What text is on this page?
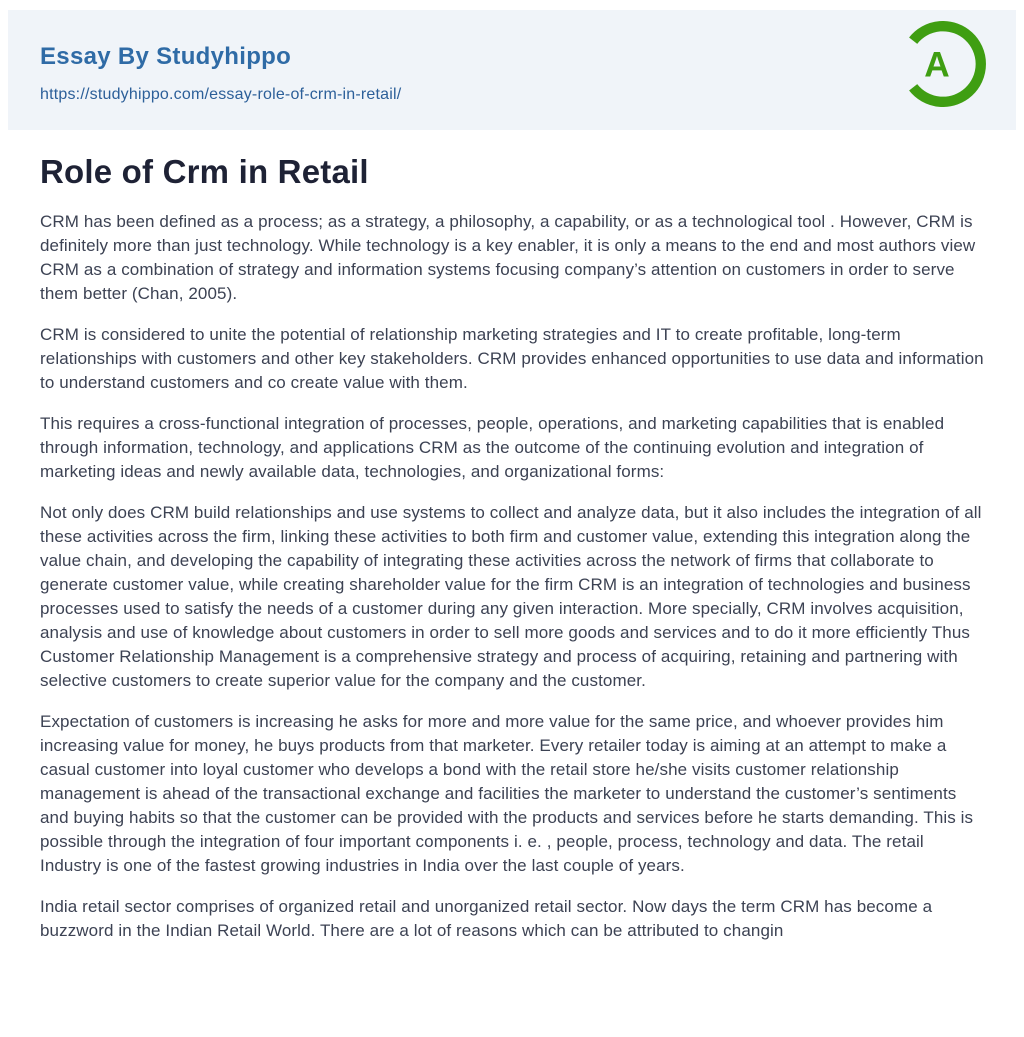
Essay By Studyhippo
https://studyhippo.com/essay-role-of-crm-in-retail/
A
Role of Crm in Retail

CRM has been defined as a process; as a strategy, a philosophy, a capability, or as a technological tool . However, CRM is definitely more than just technology. While technology is a key enabler, it is only a means to the end and most authors view CRM as a combination of strategy and information systems focusing company’s attention on customers in order to serve them better (Chan, 2005).

CRM is considered to unite the potential of relationship marketing strategies and IT to create profitable, long-term relationships with customers and other key stakeholders. CRM provides enhanced opportunities to use data and information to understand customers and co create value with them.

This requires a cross-functional integration of processes, people, operations, and marketing capabilities that is enabled through information, technology, and applications CRM as the outcome of the continuing evolution and integration of marketing ideas and newly available data, technologies, and organizational forms:

Not only does CRM build relationships and use systems to collect and analyze data, but it also includes the integration of all these activities across the firm, linking these activities to both firm and customer value, extending this integration along the value chain, and developing the capability of integrating these activities across the network of firms that collaborate to generate customer value, while creating shareholder value for the firm CRM is an integration of technologies and business processes used to satisfy the needs of a customer during any given interaction. More specially, CRM involves acquisition, analysis and use of knowledge about customers in order to sell more goods and services and to do it more efficiently Thus Customer Relationship Management is a comprehensive strategy and process of acquiring, retaining and partnering with selective customers to create superior value for the company and the customer.

Expectation of customers is increasing he asks for more and more value for the same price, and whoever provides him increasing value for money, he buys products from that marketer. Every retailer today is aiming at an attempt to make a casual customer into loyal customer who develops a bond with the retail store he/she visits customer relationship management is ahead of the transactional exchange and facilities the marketer to understand the customer’s sentiments and buying habits so that the customer can be provided with the products and services before he starts demanding. This is possible through the integration of four important components i. e. , people, process, technology and data. The retail Industry is one of the fastest growing industries in India over the last couple of years.

India retail sector comprises of organized retail and unorganized retail sector. Now days the term CRM has become a buzzword in the Indian Retail World. There are a lot of reasons which can be attributed to changin
